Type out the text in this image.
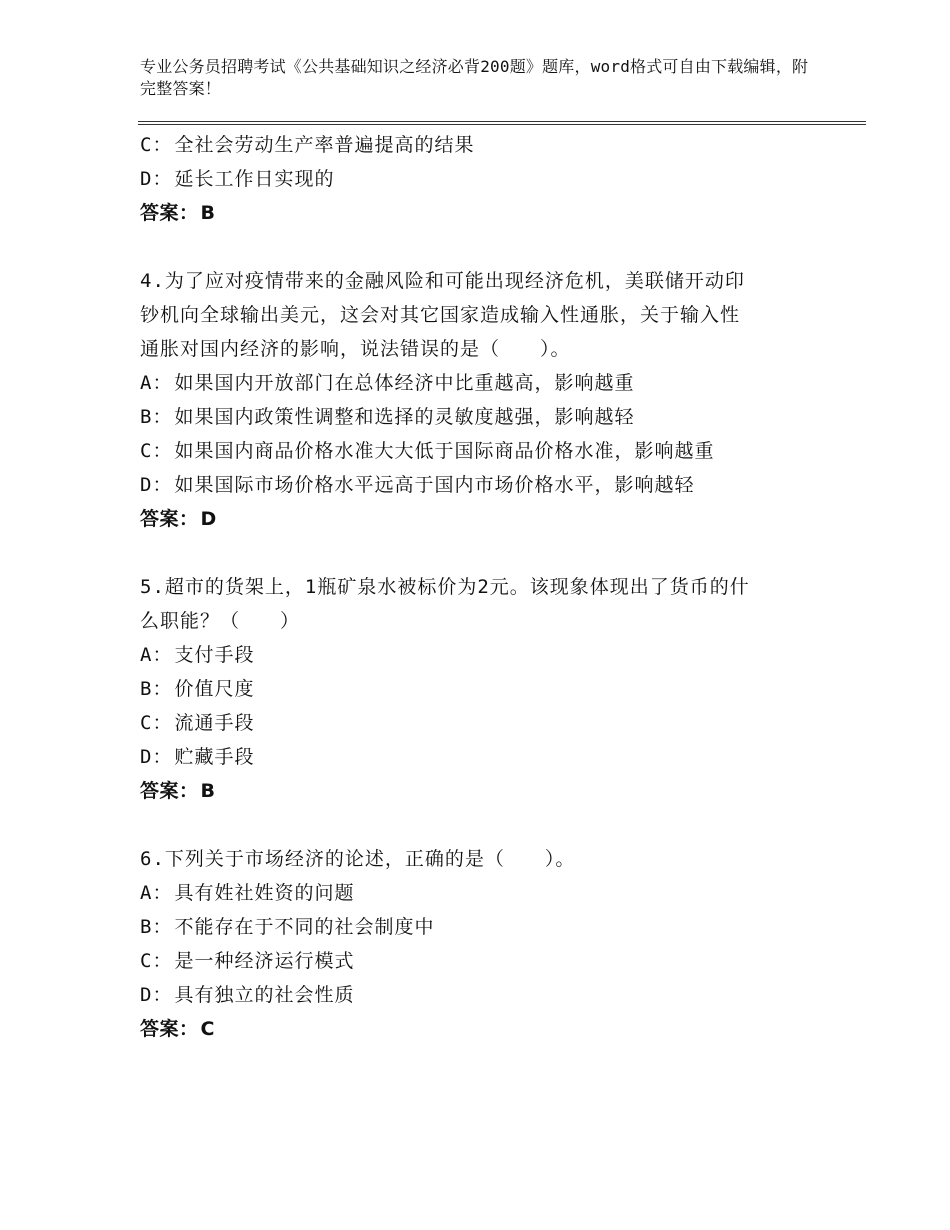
专业公务员招聘考试《公共基础知识之经济必背200题》题库，word格式可自由下载编辑，附完整答案！
C： 全社会劳动生产率普遍提高的结果
D： 延长工作日实现的
答案： B
4.为了应对疫情带来的金融风险和可能出现经济危机，美联储开动印
钞机向全球输出美元，这会对其它国家造成输入性通胀，关于输入性
通胀对国内经济的影响，说法错误的是（　　）。
A： 如果国内开放部门在总体经济中比重越高，影响越重
B： 如果国内政策性调整和选择的灵敏度越强，影响越轻
C： 如果国内商品价格水准大大低于国际商品价格水准，影响越重
D： 如果国际市场价格水平远高于国内市场价格水平，影响越轻
答案： D
5.超市的货架上，1瓶矿泉水被标价为2元。该现象体现出了货币的什
么职能？（　　）
A： 支付手段
B： 价值尺度
C： 流通手段
D： 贮藏手段
答案： B
6.下列关于市场经济的论述，正确的是（　　）。
A： 具有姓社姓资的问题
B： 不能存在于不同的社会制度中
C： 是一种经济运行模式
D： 具有独立的社会性质
答案： C
